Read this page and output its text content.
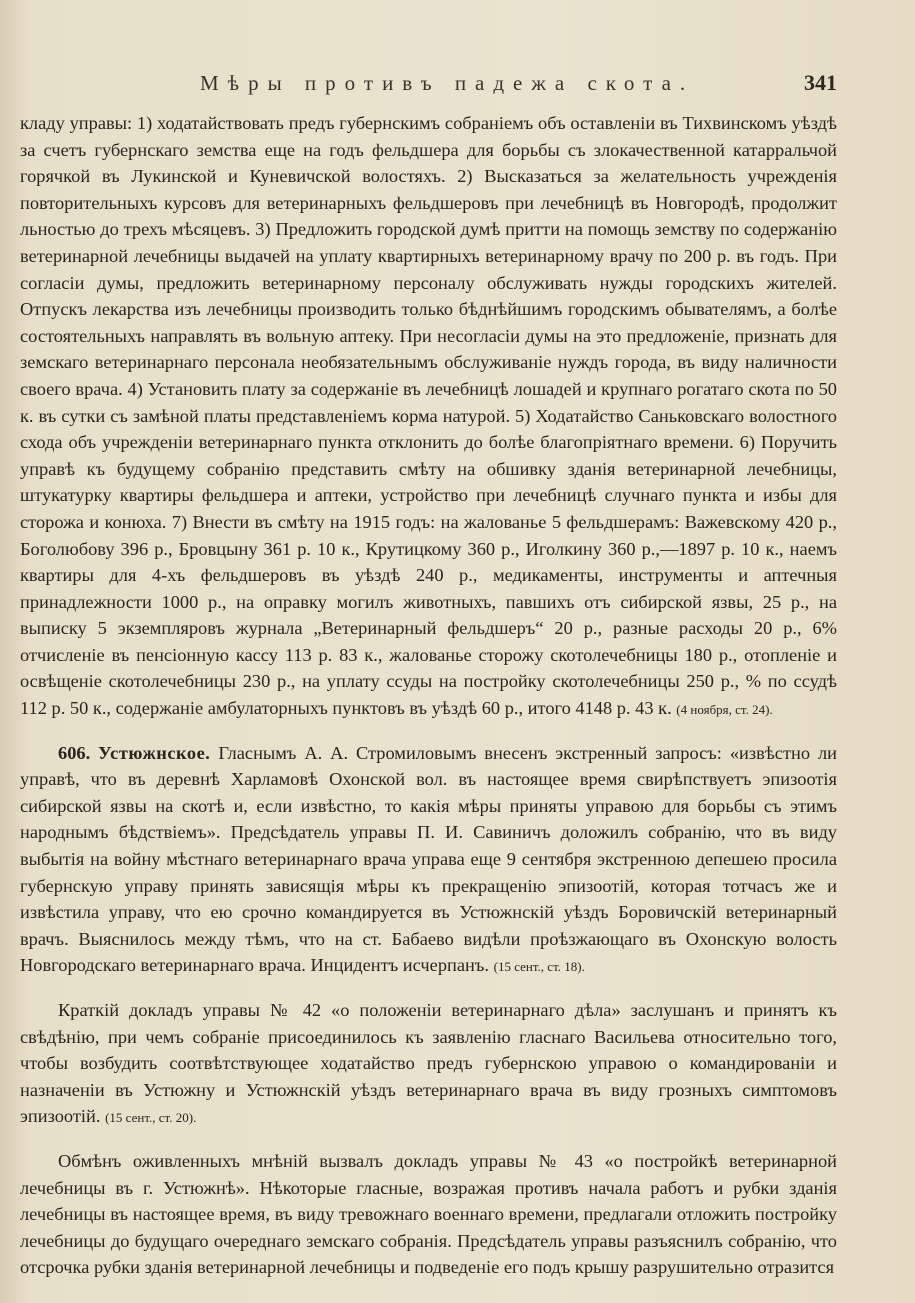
Мѣры противъ падежа скота.	341

кладу управы: 1) ходатайствовать предъ губернскимъ собраніемъ объ оставленіи въ Тихвинскомъ уѣздѣ за счетъ губернскаго земства еще на годъ фельдшера для борьбы съ злокачественной катарральчой горячкой въ Лукинской и Куневичской волостяхъ. 2) Высказаться за желательность учрежденія повторительныхъ курсовъ для ветеринарныхъ фельдшеровъ при лечебницѣ въ Новгородѣ, продолжит льностью до трехъ мѣсяцевъ. 3) Предложить городской думѣ притти на помощь земству по содержанію ветеринарной лечебницы выдачей на уплату квартирныхъ ветеринарному врачу по 200 р. въ годъ. При согласіи думы, предложить ветеринарному персоналу обслуживать нужды городскихъ жителей. Отпускъ лекарства изъ лечебницы производить только бѣднѣйшимъ городскимъ обывателямъ, а болѣе состоятельныхъ направлять въ вольную аптеку. При несогласіи думы на это предложеніе, признать для земскаго ветеринарнаго персонала необязательнымъ обслуживаніе нуждъ города, въ виду наличности своего врача. 4) Установить плату за содержаніе въ лечебницѣ лошадей и крупнаго рогатаго скота по 50 к. въ сутки съ замѣной платы представленіемъ корма натурой. 5) Ходатайство Саньковскаго волостного схода объ учрежденіи ветеринарнаго пункта отклонить до болѣе благопріятнаго времени. 6) Поручить управѣ къ будущему собранію представить смѣту на обшивку зданія ветеринарной лечебницы, штукатурку квартиры фельдшера и аптеки, устройство при лечебницѣ случнаго пункта и избы для сторожа и конюха. 7) Внести въ смѣту на 1915 годъ: на жалованье 5 фельдшерамъ: Важевскому 420 р., Боголюбову 396 р., Бровцыну 361 р. 10 к., Крутицкому 360 р., Иголкину 360 р.,—1897 р. 10 к., наемъ квартиры для 4-хъ фельдшеровъ въ уѣздѣ 240 р., медикаменты, инструменты и аптечныя принадлежности 1000 р., на оправку могилъ животныхъ, павшихъ отъ сибирской язвы, 25 р., на выписку 5 экземпляровъ журнала „Ветеринарный фельдшеръ“ 20 р., разные расходы 20 р., 6% отчисленіе въ пенсіонную кассу 113 р. 83 к., жалованье сторожу скотолечебницы 180 р., отопленіе и освѣщеніе скотолечебницы 230 р., на уплату ссуды на постройку скотолечебницы 250 р., % по ссудѣ 112 р. 50 к., содержаніе амбулаторныхъ пунктовъ въ уѣздѣ 60 р., итого 4148 р. 43 к. (4 ноября, ст. 24).

606. Устюжнское. Гласнымъ А. А. Стромиловымъ внесенъ экстренный запросъ: «извѣстно ли управѣ, что въ деревнѣ Харламовѣ Охонской вол. въ настоящее время свирѣпствуетъ эпизоотія сибирской язвы на скотѣ и, если извѣстно, то какія мѣры приняты управою для борьбы съ этимъ народнымъ бѣдствіемъ». Предсѣдатель управы П. И. Савиничъ доложилъ собранію, что въ виду выбытія на войну мѣстнаго ветеринарнаго врача управа еще 9 сентября экстренною депешею просила губернскую управу принять зависящія мѣры къ прекращенію эпизоотій, которая тотчасъ же и извѣстила управу, что ею срочно командируется въ Устюжнскій уѣздъ Боровичскій ветеринарный врачъ. Выяснилось между тѣмъ, что на ст. Бабаево видѣли проѣзжающаго въ Охонскую волость Новгородскаго ветеринарнаго врача. Инцидентъ исчерпанъ. (15 сент., ст. 18).

Краткій докладъ управы № 42 «о положеніи ветеринарнаго дѣла» заслушанъ и принятъ къ свѣдѣнію, при чемъ собраніе присоединилось къ заявленію гласнаго Васильева относительно того, чтобы возбудить соотвѣтствующее ходатайство предъ губернскою управою о командированіи и назначеніи въ Устюжну и Устюжнскій уѣздъ ветеринарнаго врача въ виду грозныхъ симптомовъ эпизоотій. (15 сент., ст. 20).

Обмѣнъ оживленныхъ мнѣній вызвалъ докладъ управы № 43 «о постройкѣ ветеринарной лечебницы въ г. Устюжнѣ». Нѣкоторые гласные, возражая противъ начала работъ и рубки зданія лечебницы въ настоящее время, въ виду тревожнаго военнаго времени, предлагали отложить постройку лечебницы до будущаго очереднаго земскаго собранія. Предсѣдатель управы разъяснилъ собранію, что отсрочка рубки зданія ветеринарной лечебницы и подведеніе его подъ крышу разрушительно отразится
